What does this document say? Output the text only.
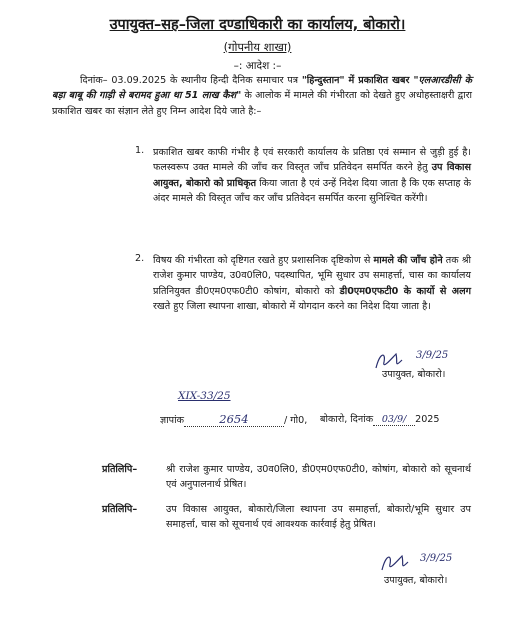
उपायुक्त–सह–जिला दण्डाधिकारी का कार्यालय, बोकारो।
(गोपनीय शाखा)
–: आदेश :–
दिनांक– 03.09.2025 के स्थानीय हिन्दी दैनिक समाचार पत्र "हिन्दुस्तान" में प्रकाशित खबर "एलआरडीसी के बड़ा बाबू की गाड़ी से बरामद हुआ था 51 लाख कैश" के आलोक में मामले की गंभीरता को देखते हुए अधोहस्ताक्षरी द्वारा प्रकाशित खबर का संज्ञान लेते हुए निम्न आदेश दिये जाते है:–
1. प्रकाशित खबर काफी गंभीर है एवं सरकारी कार्यालय के प्रतिष्ठा एवं सम्मान से जुड़ी हुई है। फलस्वरूप उक्त मामले की जाँच कर विस्तृत जाँच प्रतिवेदन समर्पित करने हेतु उप विकास आयुक्त, बोकारो को प्राधिकृत किया जाता है एवं उन्हें निदेश दिया जाता है कि एक सप्ताह के अंदर मामले की विस्तृत जाँच कर जाँच प्रतिवेदन समर्पित करना सुनिश्चित करेंगी।
2. विषय की गंभीरता को दृष्टिगत रखते हुए प्रशासनिक दृष्टिकोण से मामले की जाँच होने तक श्री राजेश कुमार पाण्डेय, उ0व0लि0, पदस्थापित, भूमि सुधार उप समाहर्त्ता, चास का कार्यालय प्रतिनियुक्त डी0एम0एफ0टी0 कोषांग, बोकारो को डी0एम0एफटी0 के कार्यो से अलग रखते हुए जिला स्थापना शाखा, बोकारो में योगदान करने का निदेश दिया जाता है।
3/9/25
उपायुक्त, बोकारो।
XIX-33/25
ज्ञापांक	2654	/ गो0, बोकारो, दिनांक 03/9/ 2025
प्रतिलिपि–	श्री राजेश कुमार पाण्डेय, उ0व0लि0, डी0एम0एफ0टी0, कोषांग, बोकारो को सूचनार्थ एवं अनुपालनार्थ प्रेषित।
प्रतिलिपि–	उप विकास आयुक्त, बोकारो/जिला स्थापना उप समाहर्त्ता, बोकारो/भूमि सुधार उप समाहर्त्ता, चास को सूचनार्थ एवं आवश्यक कार्रवाई हेतु प्रेषित।
3/9/25
उपायुक्त, बोकारो।
